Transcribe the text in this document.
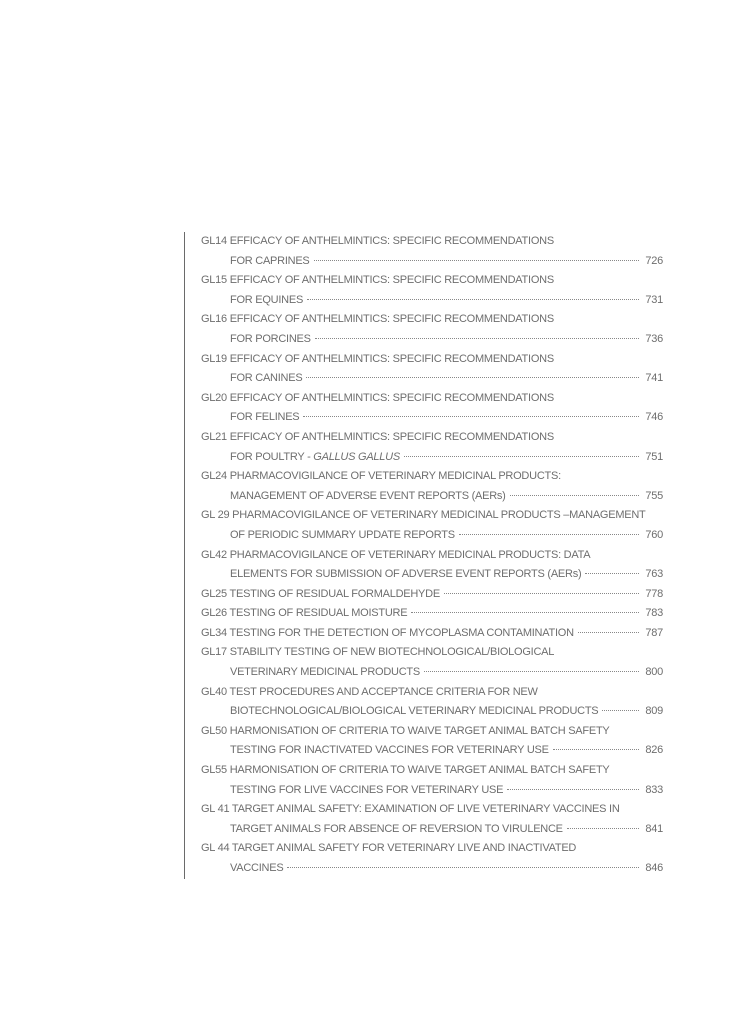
GL14 EFFICACY OF ANTHELMINTICS: SPECIFIC RECOMMENDATIONS
FOR CAPRINES	726
GL15 EFFICACY OF ANTHELMINTICS: SPECIFIC RECOMMENDATIONS
FOR EQUINES	731
GL16 EFFICACY OF ANTHELMINTICS: SPECIFIC RECOMMENDATIONS
FOR PORCINES	736
GL19 EFFICACY OF ANTHELMINTICS: SPECIFIC RECOMMENDATIONS
FOR CANINES	741
GL20 EFFICACY OF ANTHELMINTICS: SPECIFIC RECOMMENDATIONS
FOR FELINES	746
GL21 EFFICACY OF ANTHELMINTICS: SPECIFIC RECOMMENDATIONS
FOR POULTRY - GALLUS GALLUS	751
GL24 PHARMACOVIGILANCE OF VETERINARY MEDICINAL PRODUCTS:
MANAGEMENT OF ADVERSE EVENT REPORTS (AERs)	755
GL 29 PHARMACOVIGILANCE OF VETERINARY MEDICINAL PRODUCTS –MANAGEMENT
OF PERIODIC SUMMARY UPDATE REPORTS	760
GL42 PHARMACOVIGILANCE OF VETERINARY MEDICINAL PRODUCTS: DATA
ELEMENTS FOR SUBMISSION OF ADVERSE EVENT REPORTS (AERs)	763
GL25 TESTING OF RESIDUAL FORMALDEHYDE	778
GL26 TESTING OF RESIDUAL MOISTURE	783
GL34 TESTING FOR THE DETECTION OF MYCOPLASMA CONTAMINATION	787
GL17 STABILITY TESTING OF NEW BIOTECHNOLOGICAL/BIOLOGICAL
VETERINARY MEDICINAL PRODUCTS	800
GL40 TEST PROCEDURES AND ACCEPTANCE CRITERIA FOR NEW
BIOTECHNOLOGICAL/BIOLOGICAL VETERINARY MEDICINAL PRODUCTS	809
GL50 HARMONISATION OF CRITERIA TO WAIVE TARGET ANIMAL BATCH SAFETY
TESTING FOR INACTIVATED VACCINES FOR VETERINARY USE	826
GL55 HARMONISATION OF CRITERIA TO WAIVE TARGET ANIMAL BATCH SAFETY
TESTING FOR LIVE VACCINES FOR VETERINARY USE	833
GL 41 TARGET ANIMAL SAFETY: EXAMINATION OF LIVE VETERINARY VACCINES IN
TARGET ANIMALS FOR ABSENCE OF REVERSION TO VIRULENCE	841
GL 44 TARGET ANIMAL SAFETY FOR VETERINARY LIVE AND INACTIVATED
VACCINES	846
